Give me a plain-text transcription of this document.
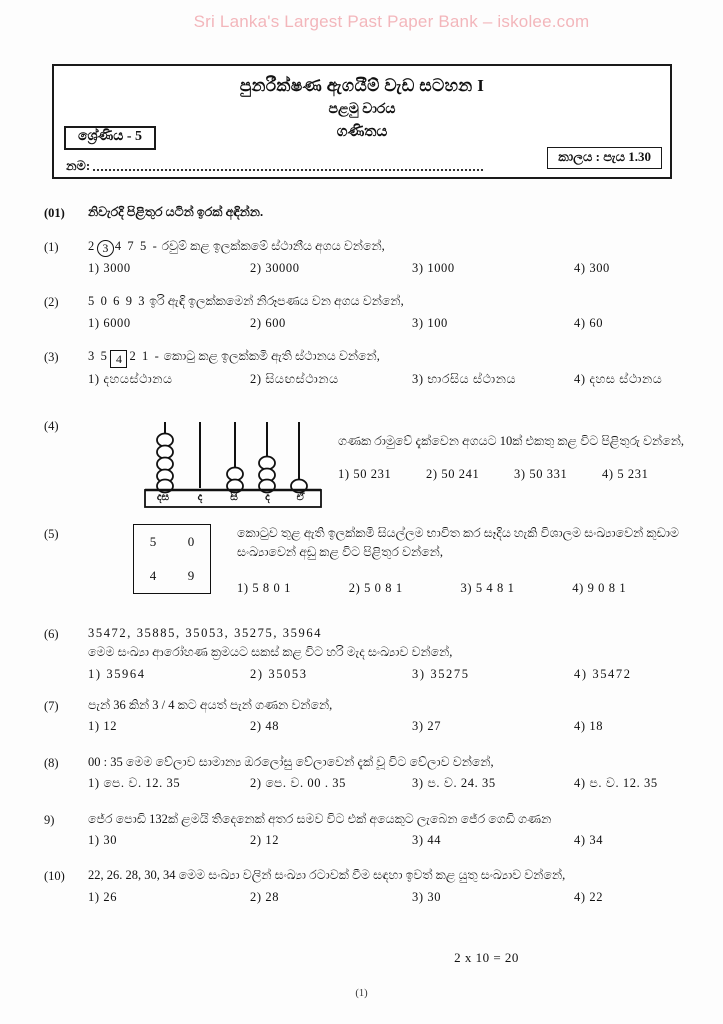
Sri Lanka's Largest Past Paper Bank – iskolee.com
පුනරීක්ෂණ ඇගයීම් වැඩ සටහන I
පළමු වාරය
ගණිතය
ශ්‍රේණිය - 5
කාලය : පැය 1.30
නම:
(01)	නිවැරදි පිළිතුර යටින් ඉරක් අඳින්න.
(1)	2 3 4 7 5 - රවුම් කළ ඉලක්කමේ ස්ථානීය අගය වන්නේ,
1) 3000	2) 30000	3) 1000	4) 300
(2)	5 0 6 9 3 ඉරි ඇඳි ඉලක්කමෙන් නිරූපණය වන අගය වන්නේ,
1) 6000	2) 600	3) 100	4) 60
(3)	3 5 4 2 1 - කොටු කළ ඉලක්කමි ඇති ස්ථානය වන්නේ,
1) දහයස්ථානය	2) සියඟස්ථානය	3) භාරසිය ස්ථානය	4) දහස ස්ථානය
(4)
දස	ද	සි	ද	ඒ
ගණක රාමුවේ දැක්වෙන අගයට 10ක් එකතු කළ විට පිළිතුරු වන්නේ,
1) 50 231	2) 50 241	3) 50 331	4) 5 231
(5)	5 0
4 9
කොටුව තුළ ඇති ඉලක්කමි සියල්ලම භාවිත කර සෑදිය හැකි විශාලම සංඛ්‍යාවෙන් කුඩාම සංඛ්‍යාවෙන් අඩු කළ විට පිළිතුර වන්නේ,
1) 5 8 0 1	2) 5 0 8 1	3) 5 4 8 1	4) 9 0 8 1
(6)	35472, 35885, 35053, 35275, 35964
මෙම සංඛ්‍යා ආරෝහණ ක්‍රමයට සකස් කළ විට හරි මැද සංඛ්‍යාව වන්නේ,
1) 35964	2) 35053	3) 35275	4) 35472
(7)	පැන් 36 කින් 3 / 4 කට අයත් පැන් ගණන වන්නේ,
1) 12	2) 48	3) 27	4) 18
(8)	00 : 35 මෙම වේලාව සාමාන්‍ය ඔරලෝසු වේලාවෙන් දැක් වූ විට වේලාව වන්නේ,
1) පෙ. ව. 12. 35	2) පෙ. ව. 00 . 35	3) ප. ව. 24. 35	4) ප. ව. 12. 35
9)	ජේර පොඩි 132ක් ළමයි තිදෙනෙක් අතර සමව විට එක් අයෙකුට ලැබෙන ජේර ගෙඩි ගණන
1) 30	2) 12	3) 44	4) 34
(10)	22, 26. 28, 30, 34 මෙම සංඛ්‍යා වලින් සංඛ්‍යා රටාවක් වීම සඳහා ඉවත් කළ යුතු සංඛ්‍යාව වන්නේ,
1) 26	2) 28	3) 30	4) 22
2 x 10 = 20
(1)
